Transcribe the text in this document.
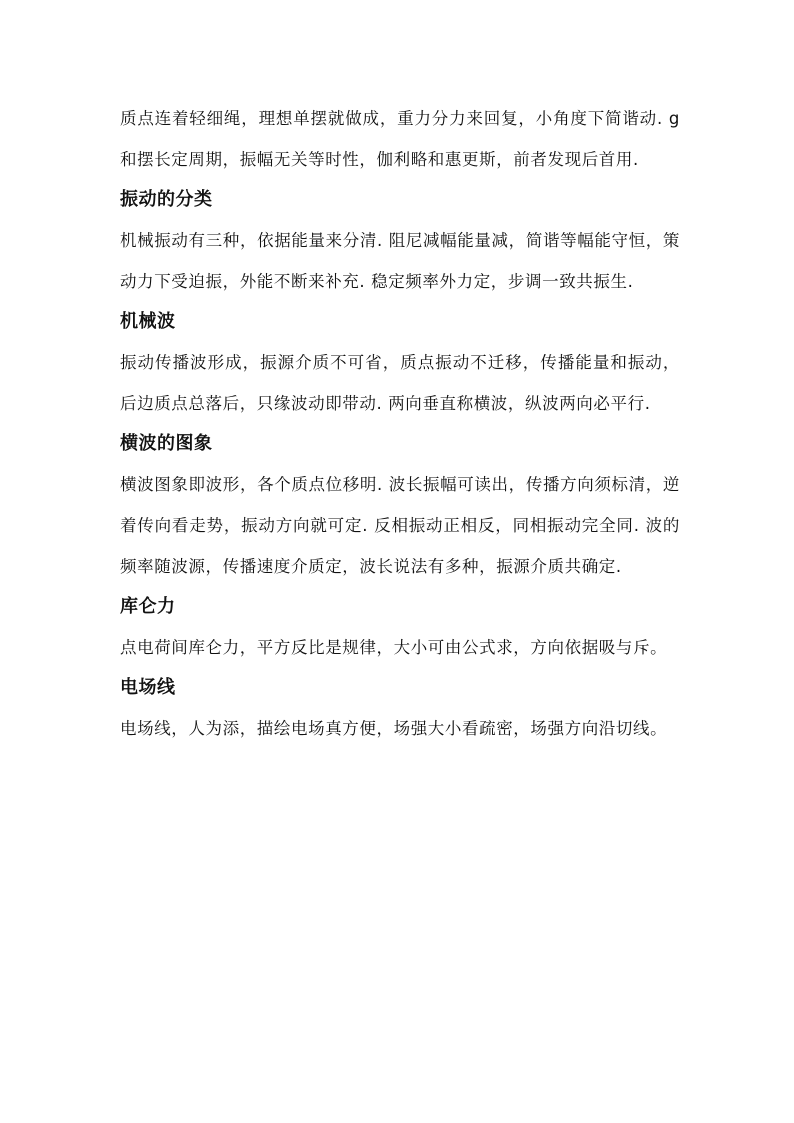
质点连着轻细绳，理想单摆就做成，重力分力来回复，小角度下简谐动. g 和摆长定周期，振幅无关等时性，伽利略和惠更斯，前者发现后首用.

振动的分类

机械振动有三种，依据能量来分清. 阻尼减幅能量减，简谐等幅能守恒，策动力下受迫振，外能不断来补充. 稳定频率外力定，步调一致共振生.

机械波

振动传播波形成，振源介质不可省，质点振动不迁移，传播能量和振动，后边质点总落后，只缘波动即带动. 两向垂直称横波，纵波两向必平行.

横波的图象

横波图象即波形，各个质点位移明. 波长振幅可读出，传播方向须标清，逆着传向看走势，振动方向就可定. 反相振动正相反，同相振动完全同. 波的频率随波源，传播速度介质定，波长说法有多种，振源介质共确定.

库仑力

点电荷间库仑力，平方反比是规律，大小可由公式求，方向依据吸与斥。

电场线

电场线，人为添，描绘电场真方便，场强大小看疏密，场强方向沿切线。
